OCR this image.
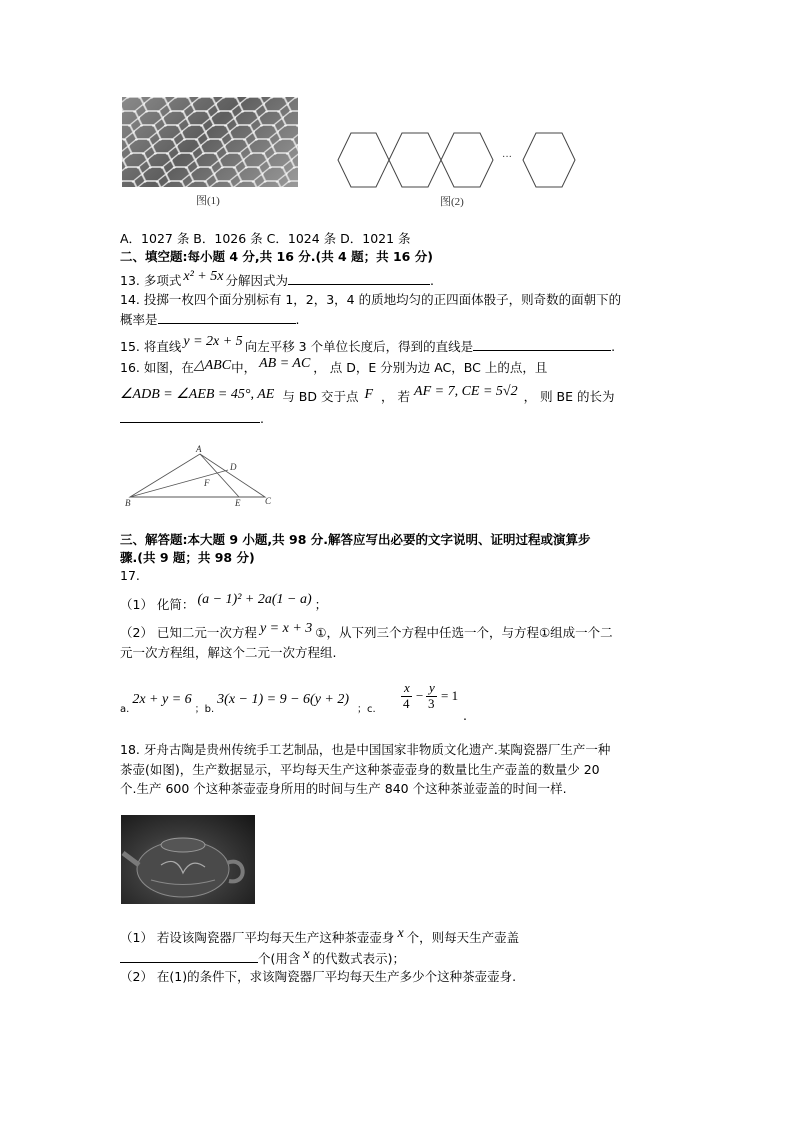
图(1)
···
图(2)
A．1027 条 B．1026 条 C．1024 条 D．1021 条
二、填空题:每小题 4 分,共 16 分.(共 4 题；共 16 分)
13. 多项式 x² + 5x 分解因式为	.
14. 投掷一枚四个面分别标有 1，2，3，4 的质地均匀的正四面体骰子，则奇数的面朝下的
概率是	.
15. 将直线 y = 2x + 5 向左平移 3 个单位长度后，得到的直线是	.
16. 如图，在△ABC中， AB = AC ， 点 D，E 分别为边 AC，BC 上的点，且
∠ADB = ∠AEB = 45°, AE 与 BD 交于点 F ， 若 AF = 7, CE = 5√2 ， 则 BE 的长为
.
A
B	C
D
E
F
三、解答题:本大题 9 小题,共 98 分.解答应写出必要的文字说明、证明过程或演算步
骤.(共 9 题；共 98 分)
17.
（1） 化简： (a − 1)² + 2a(1 − a) ；
（2） 已知二元一次方程 y = x + 3 ①，从下列三个方程中任选一个，与方程①组成一个二
元一次方程组，解这个二元一次方程组.
a.2x + y = 6；b.3(x − 1) = 9 − 6(y + 2)；c.
x
4
−
y
3
= 1
.
18. 牙舟古陶是贵州传统手工艺制品，也是中国国家非物质文化遗产.某陶瓷器厂生产一种
茶壶(如图)，生产数据显示，平均每天生产这种茶壶壶身的数量比生产壶盖的数量少 20
个.生产 600 个这种茶壶壶身所用的时间与生产 840 个这种茶並壶盖的时间一样.
（1） 若设该陶瓷器厂平均每天生产这种茶壶壶身 x 个，则每天生产壶盖
个(用含 x 的代数式表示)；
（2） 在(1)的条件下，求该陶瓷器厂平均每天生产多少个这种茶壶壶身.
